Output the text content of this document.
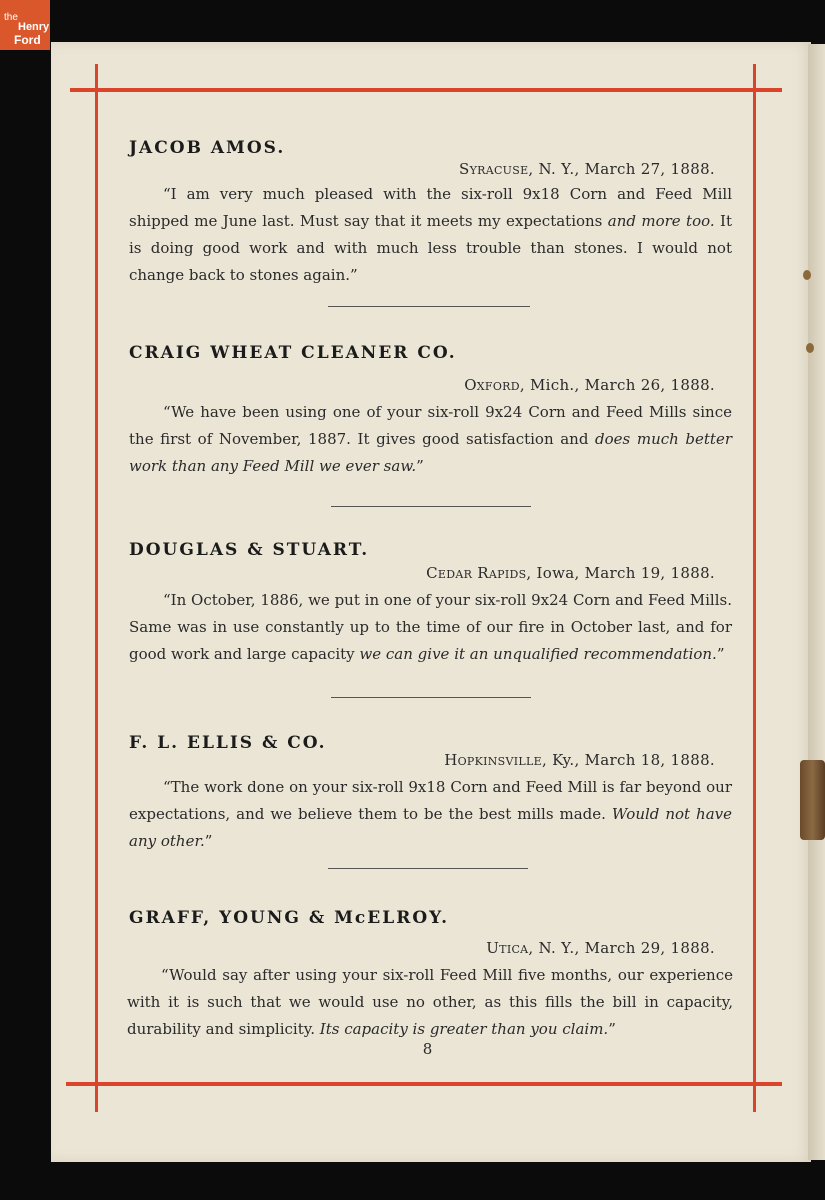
the
Henry
Ford
JACOB AMOS.
Syracuse, N. Y., March 27, 1888.
“I am very much pleased with the six-roll 9x18 Corn and Feed Mill shipped me June last. Must say that it meets my expectations and more too. It is doing good work and with much less trouble than stones. I would not change back to stones again.”
CRAIG WHEAT CLEANER CO.
Oxford, Mich., March 26, 1888.
“We have been using one of your six-roll 9x24 Corn and Feed Mills since the first of November, 1887. It gives good satisfaction and does much better work than any Feed Mill we ever saw.”
DOUGLAS & STUART.
Cedar Rapids, Iowa, March 19, 1888.
“In October, 1886, we put in one of your six-roll 9x24 Corn and Feed Mills. Same was in use constantly up to the time of our fire in October last, and for good work and large capacity we can give it an unqualified recommendation.”
F. L. ELLIS & CO.
Hopkinsville, Ky., March 18, 1888.
“The work done on your six-roll 9x18 Corn and Feed Mill is far beyond our expectations, and we believe them to be the best mills made. Would not have any other.”
GRAFF, YOUNG & McELROY.
Utica, N. Y., March 29, 1888.
“Would say after using your six-roll Feed Mill five months, our experience with it is such that we would use no other, as this fills the bill in capacity, durability and simplicity. Its capacity is greater than you claim.”
8
